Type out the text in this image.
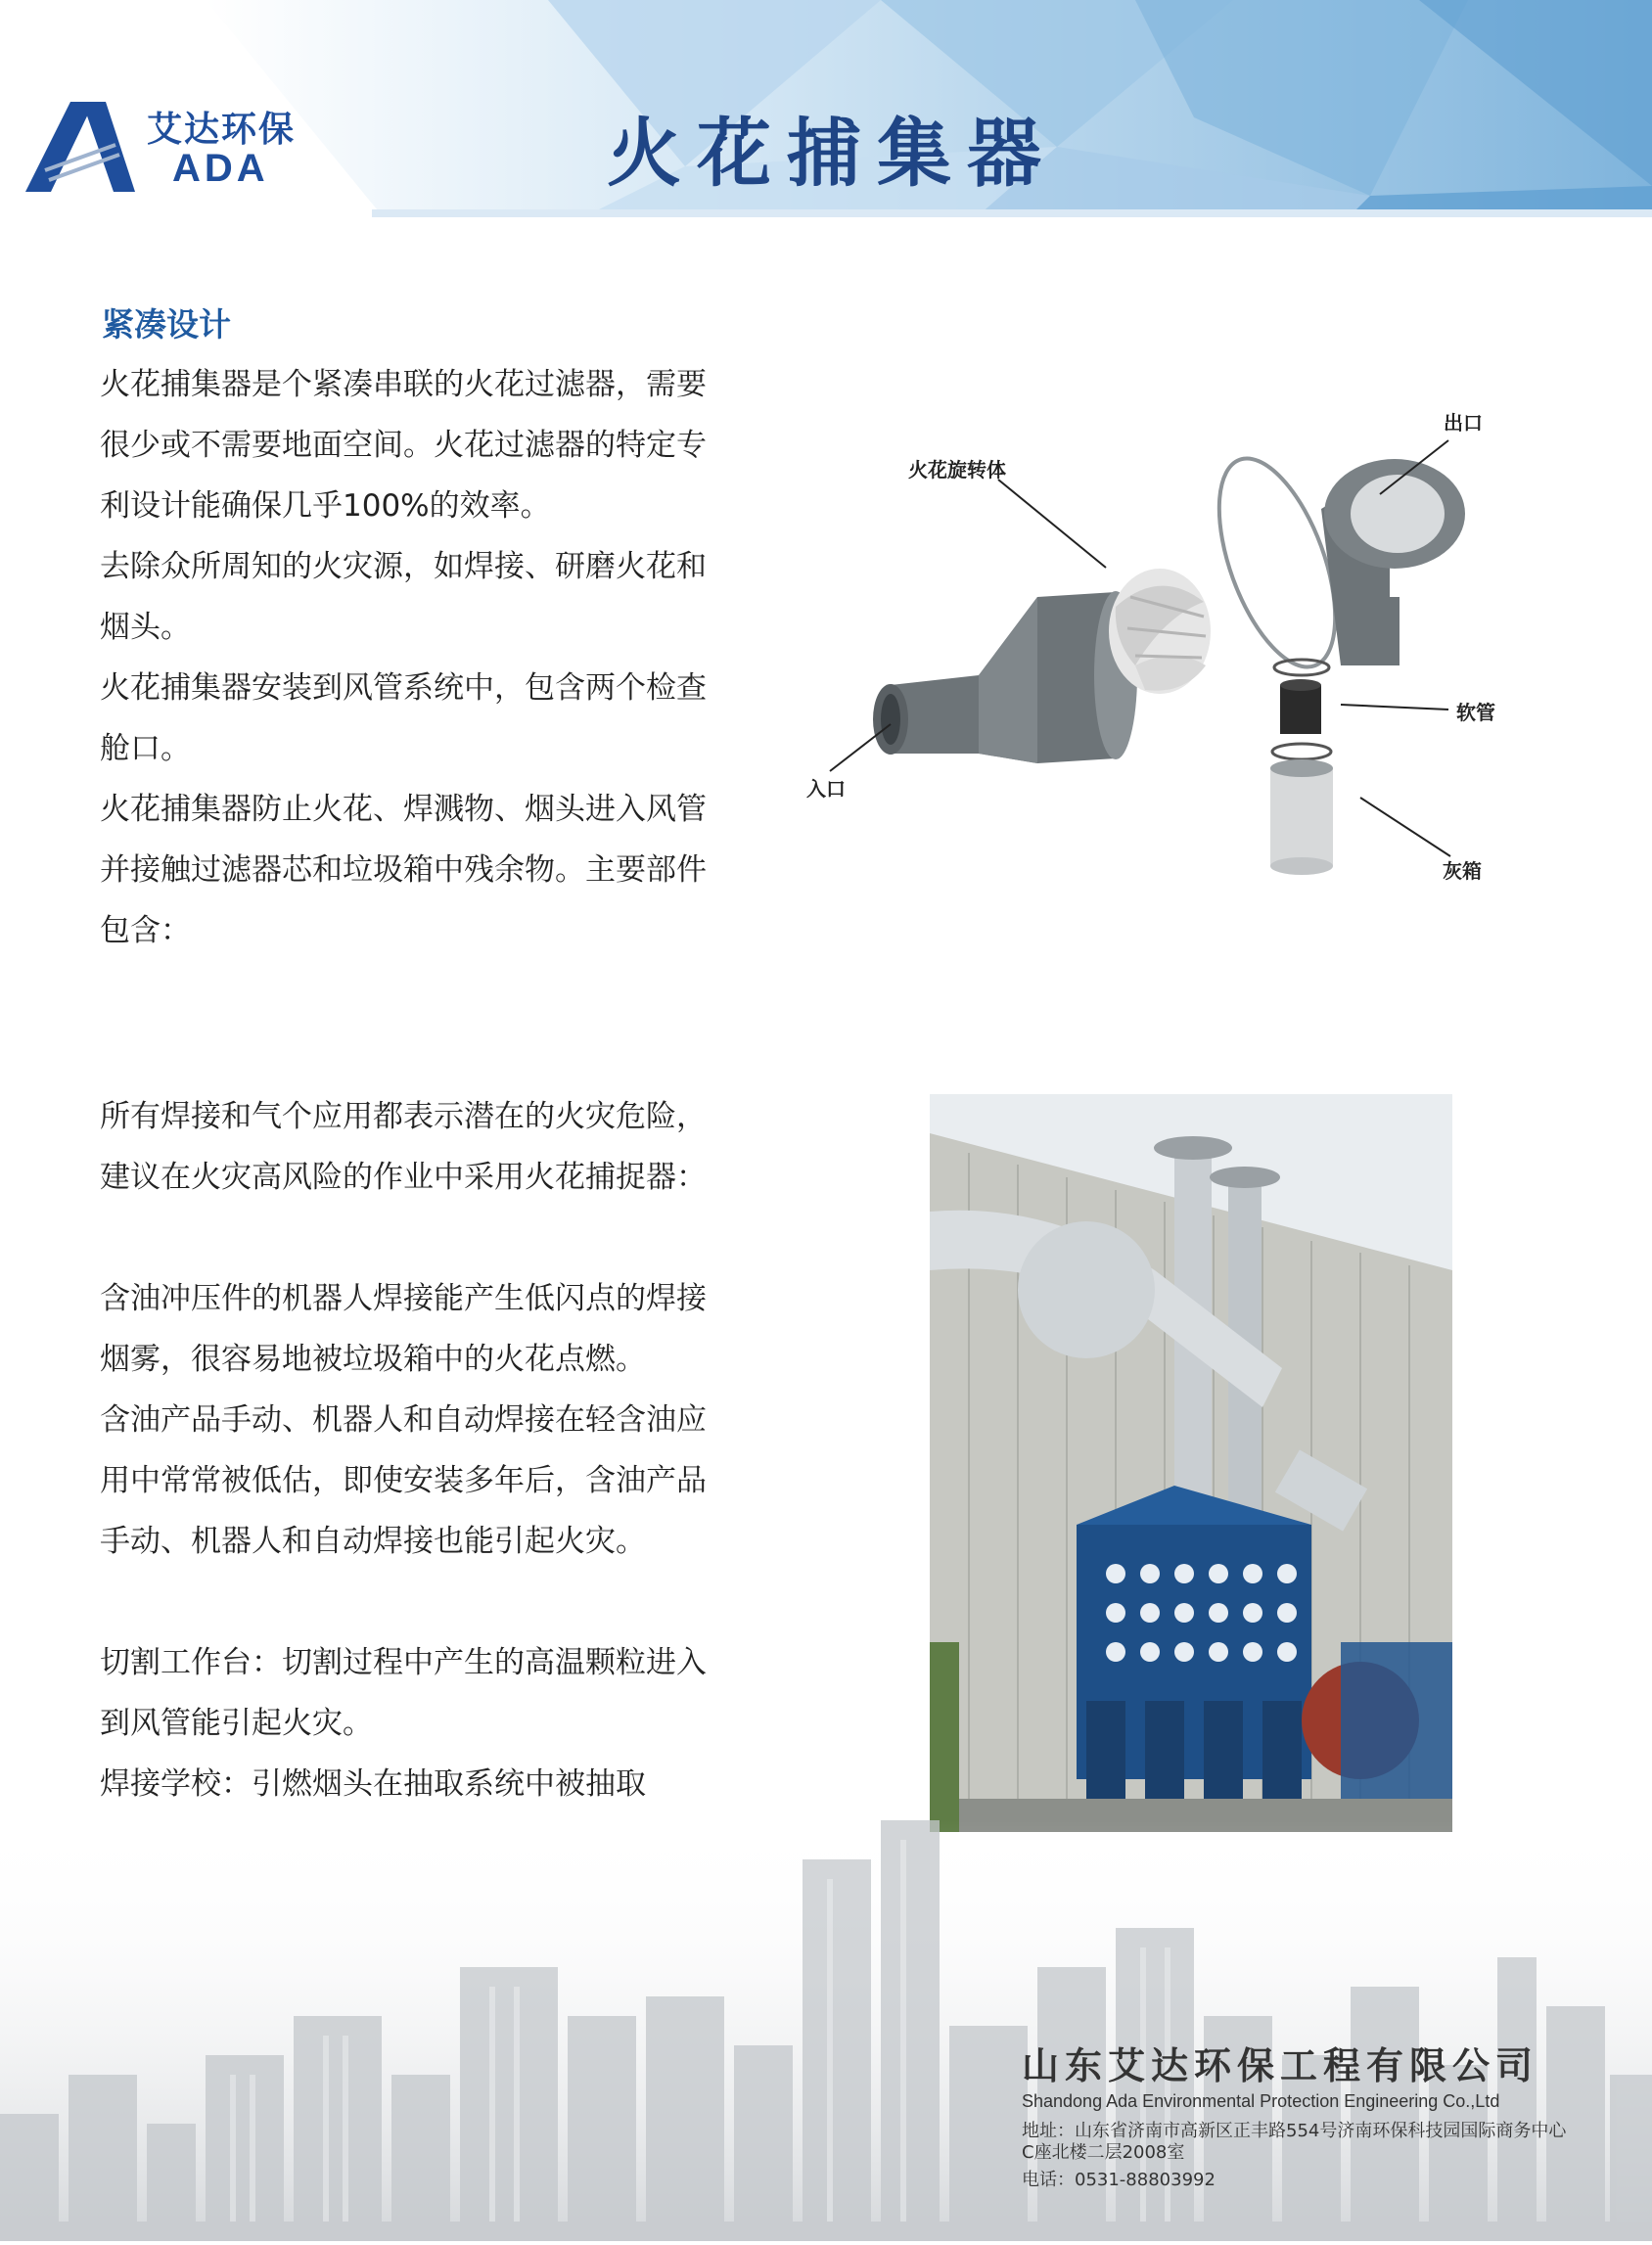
艾达环保
ADA	火花捕集器
紧凑设计
火花捕集器是个紧凑串联的火花过滤器，需要很少或不需要地面空间。火花过滤器的特定专利设计能确保几乎100%的效率。
去除众所周知的火灾源，如焊接、研磨火花和烟头。
火花捕集器安装到风管系统中，包含两个检查舱口。
火花捕集器防止火花、焊溅物、烟头进入风管并接触过滤器芯和垃圾箱中残余物。主要部件包含：
出口
火花旋转体
软管
入口
灰箱
所有焊接和气个应用都表示潜在的火灾危险，建议在火灾高风险的作业中采用火花捕捉器：
含油冲压件的机器人焊接能产生低闪点的焊接烟雾，很容易地被垃圾箱中的火花点燃。
含油产品手动、机器人和自动焊接在轻含油应用中常常被低估，即使安装多年后，含油产品手动、机器人和自动焊接也能引起火灾。
切割工作台：切割过程中产生的高温颗粒进入到风管能引起火灾。
焊接学校：引燃烟头在抽取系统中被抽取
山东艾达环保工程有限公司
Shandong Ada Environmental Protection Engineering Co.,Ltd
地址：山东省济南市高新区正丰路554号济南环保科技园国际商务中心C座北楼二层2008室
电话：0531-88803992
